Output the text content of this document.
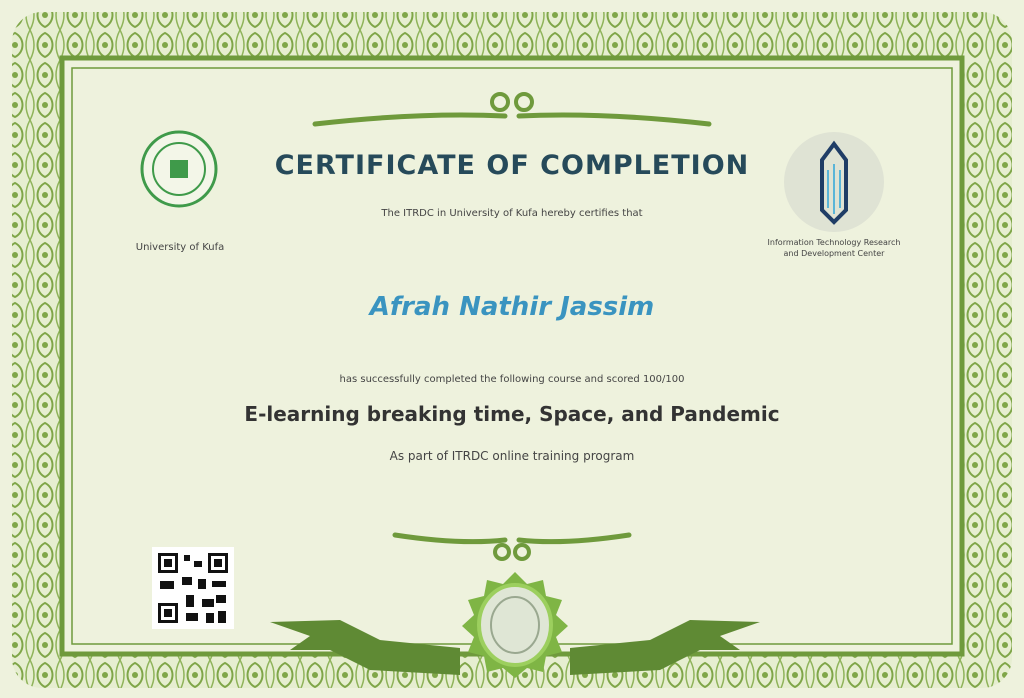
University of Kufa	Information Technology Research
and Development Center
CERTIFICATE OF COMPLETION
The ITRDC in University of Kufa hereby certifies that
Afrah Nathir Jassim
has successfully completed the following course and scored 100/100
E-learning breaking time, Space, and Pandemic
As part of ITRDC online training program
